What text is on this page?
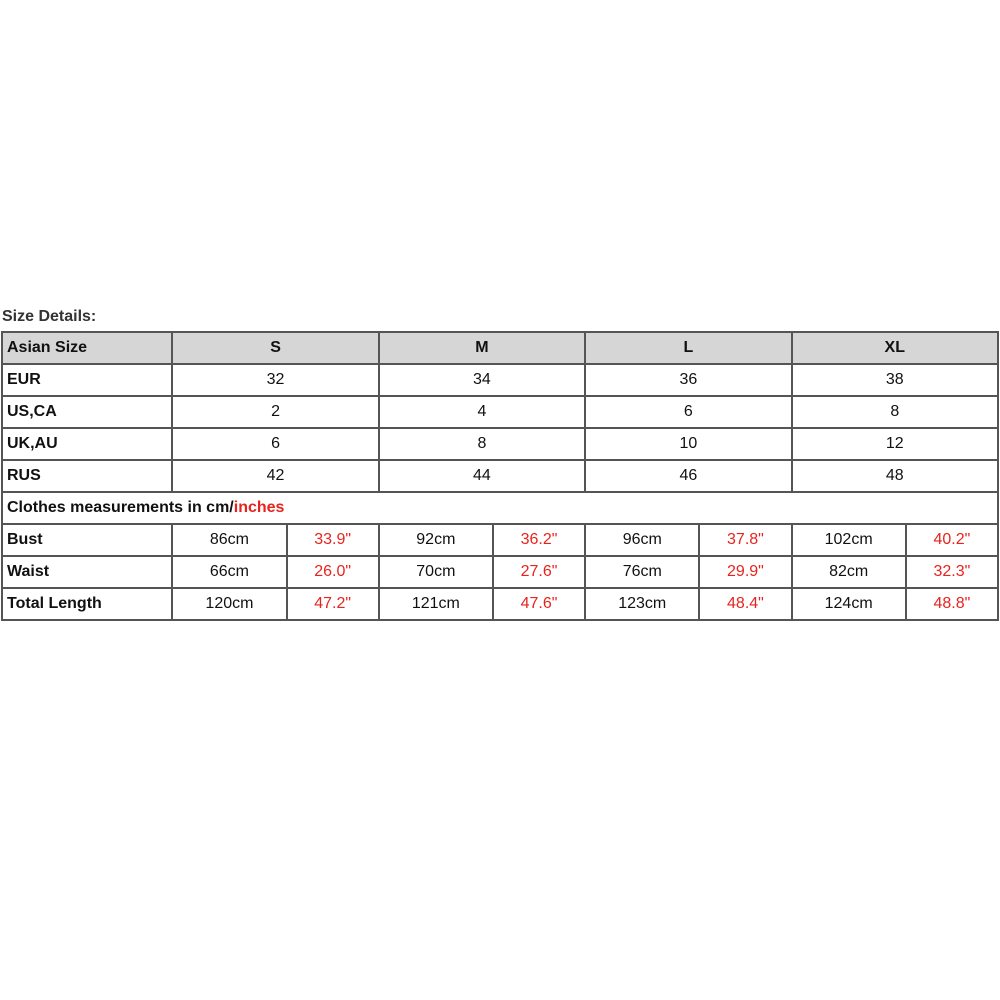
Size Details:
Asian Size	S		M		L		XL	
EUR	32		34		36		38	
US,CA	2		4		6		8	
UK,AU	6		8		10		12	
RUS	42		44		46		48	
Clothes measurements in cm/inches								
Bust	86cm	33.9"	92cm	36.2"	96cm	37.8"	102cm	40.2"
Waist	66cm	26.0"	70cm	27.6"	76cm	29.9"	82cm	32.3"
Total Length	120cm	47.2"	121cm	47.6"	123cm	48.4"	124cm	48.8"
